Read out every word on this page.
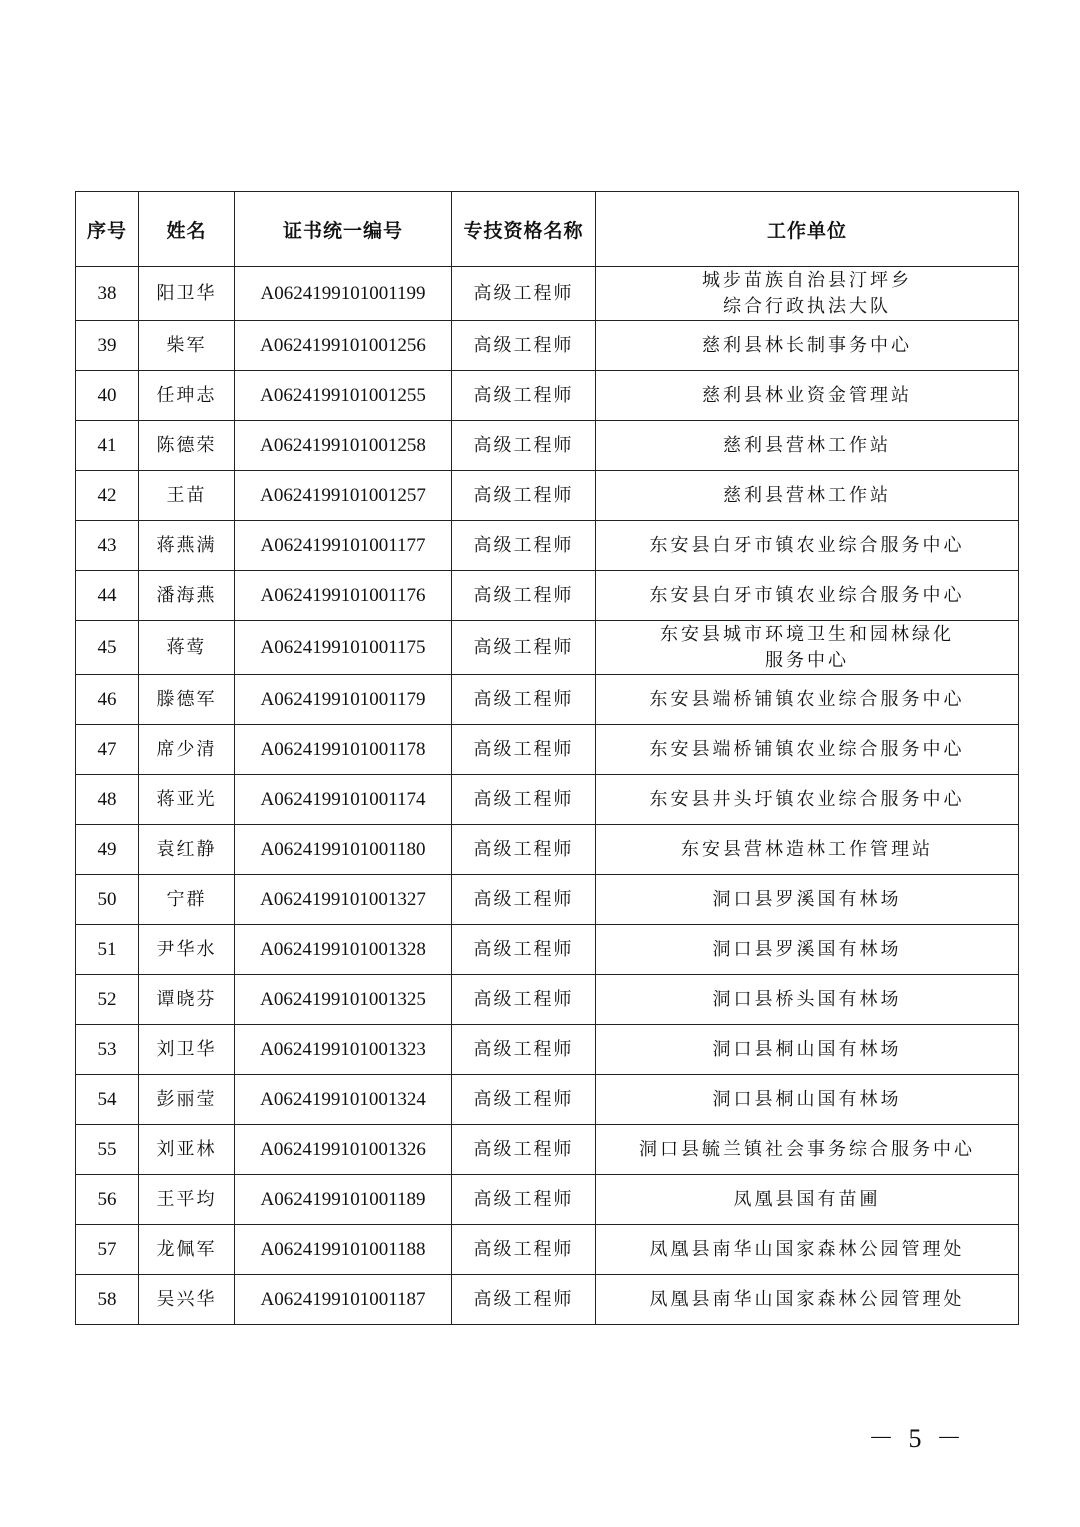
序号	姓名	证书统一编号	专技资格名称	工作单位
38	阳卫华	A0624199101001199	高级工程师	城步苗族自治县汀坪乡
综合行政执法大队
39	柴军	A0624199101001256	高级工程师	慈利县林长制事务中心
40	任珅志	A0624199101001255	高级工程师	慈利县林业资金管理站
41	陈德荣	A0624199101001258	高级工程师	慈利县营林工作站
42	王苗	A0624199101001257	高级工程师	慈利县营林工作站
43	蒋燕满	A0624199101001177	高级工程师	东安县白牙市镇农业综合服务中心
44	潘海燕	A0624199101001176	高级工程师	东安县白牙市镇农业综合服务中心
45	蒋莺	A0624199101001175	高级工程师	东安县城市环境卫生和园林绿化
服务中心
46	滕德军	A0624199101001179	高级工程师	东安县端桥铺镇农业综合服务中心
47	席少清	A0624199101001178	高级工程师	东安县端桥铺镇农业综合服务中心
48	蒋亚光	A0624199101001174	高级工程师	东安县井头圩镇农业综合服务中心
49	袁红静	A0624199101001180	高级工程师	东安县营林造林工作管理站
50	宁群	A0624199101001327	高级工程师	洞口县罗溪国有林场
51	尹华水	A0624199101001328	高级工程师	洞口县罗溪国有林场
52	谭晓芬	A0624199101001325	高级工程师	洞口县桥头国有林场
53	刘卫华	A0624199101001323	高级工程师	洞口县桐山国有林场
54	彭丽莹	A0624199101001324	高级工程师	洞口县桐山国有林场
55	刘亚林	A0624199101001326	高级工程师	洞口县毓兰镇社会事务综合服务中心
56	王平均	A0624199101001189	高级工程师	凤凰县国有苗圃
57	龙佩军	A0624199101001188	高级工程师	凤凰县南华山国家森林公园管理处
58	吴兴华	A0624199101001187	高级工程师	凤凰县南华山国家森林公园管理处
－ 5 －
